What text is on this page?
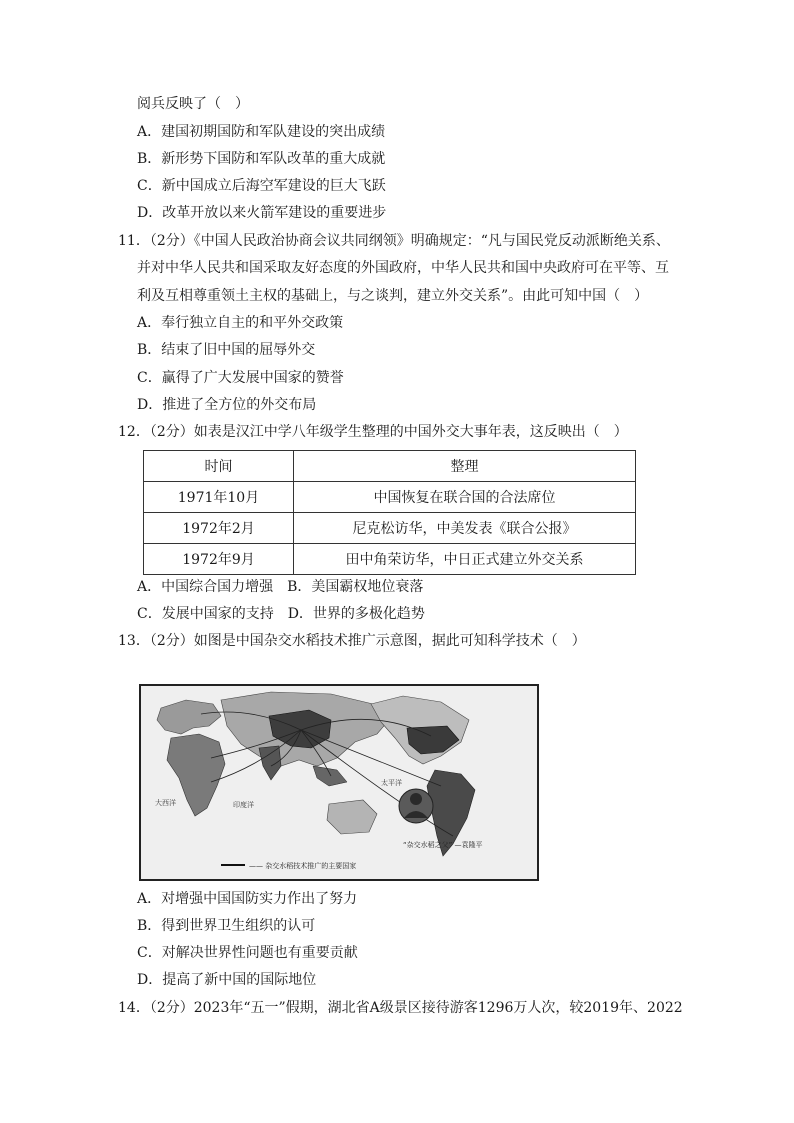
阅兵反映了（　）
A．建国初期国防和军队建设的突出成绩
B．新形势下国防和军队改革的重大成就
C．新中国成立后海空军建设的巨大飞跃
D．改革开放以来火箭军建设的重要进步
11．（2分）《中国人民政治协商会议共同纲领》明确规定：“凡与国民党反动派断绝关系、
并对中华人民共和国采取友好态度的外国政府，中华人民共和国中央政府可在平等、互
利及互相尊重领土主权的基础上，与之谈判，建立外交关系”。由此可知中国（　）
A．奉行独立自主的和平外交政策
B．结束了旧中国的屈辱外交
C．赢得了广大发展中国家的赞誉
D．推进了全方位的外交布局
12．（2分）如表是汉江中学八年级学生整理的中国外交大事年表，这反映出（　）
时间	整理
1971年10月	中国恢复在联合国的合法席位
1972年2月	尼克松访华，中美发表《联合公报》
1972年9月	田中角荣访华，中日正式建立外交关系
A．中国综合国力增强　B．美国霸权地位衰落
C．发展中国家的支持　D．世界的多极化趋势
13．（2分）如图是中国杂交水稻技术推广示意图，据此可知科学技术（　）
—— 杂交水稻技术推广的主要国家
“杂交水稻之父” —袁隆平
印度洋
大西洋
太平洋
A．对增强中国国防实力作出了努力
B．得到世界卫生组织的认可
C．对解决世界性问题也有重要贡献
D．提高了新中国的国际地位
14．（2分）2023年“五一”假期，湖北省A级景区接待游客1296万人次，较2019年、2022
